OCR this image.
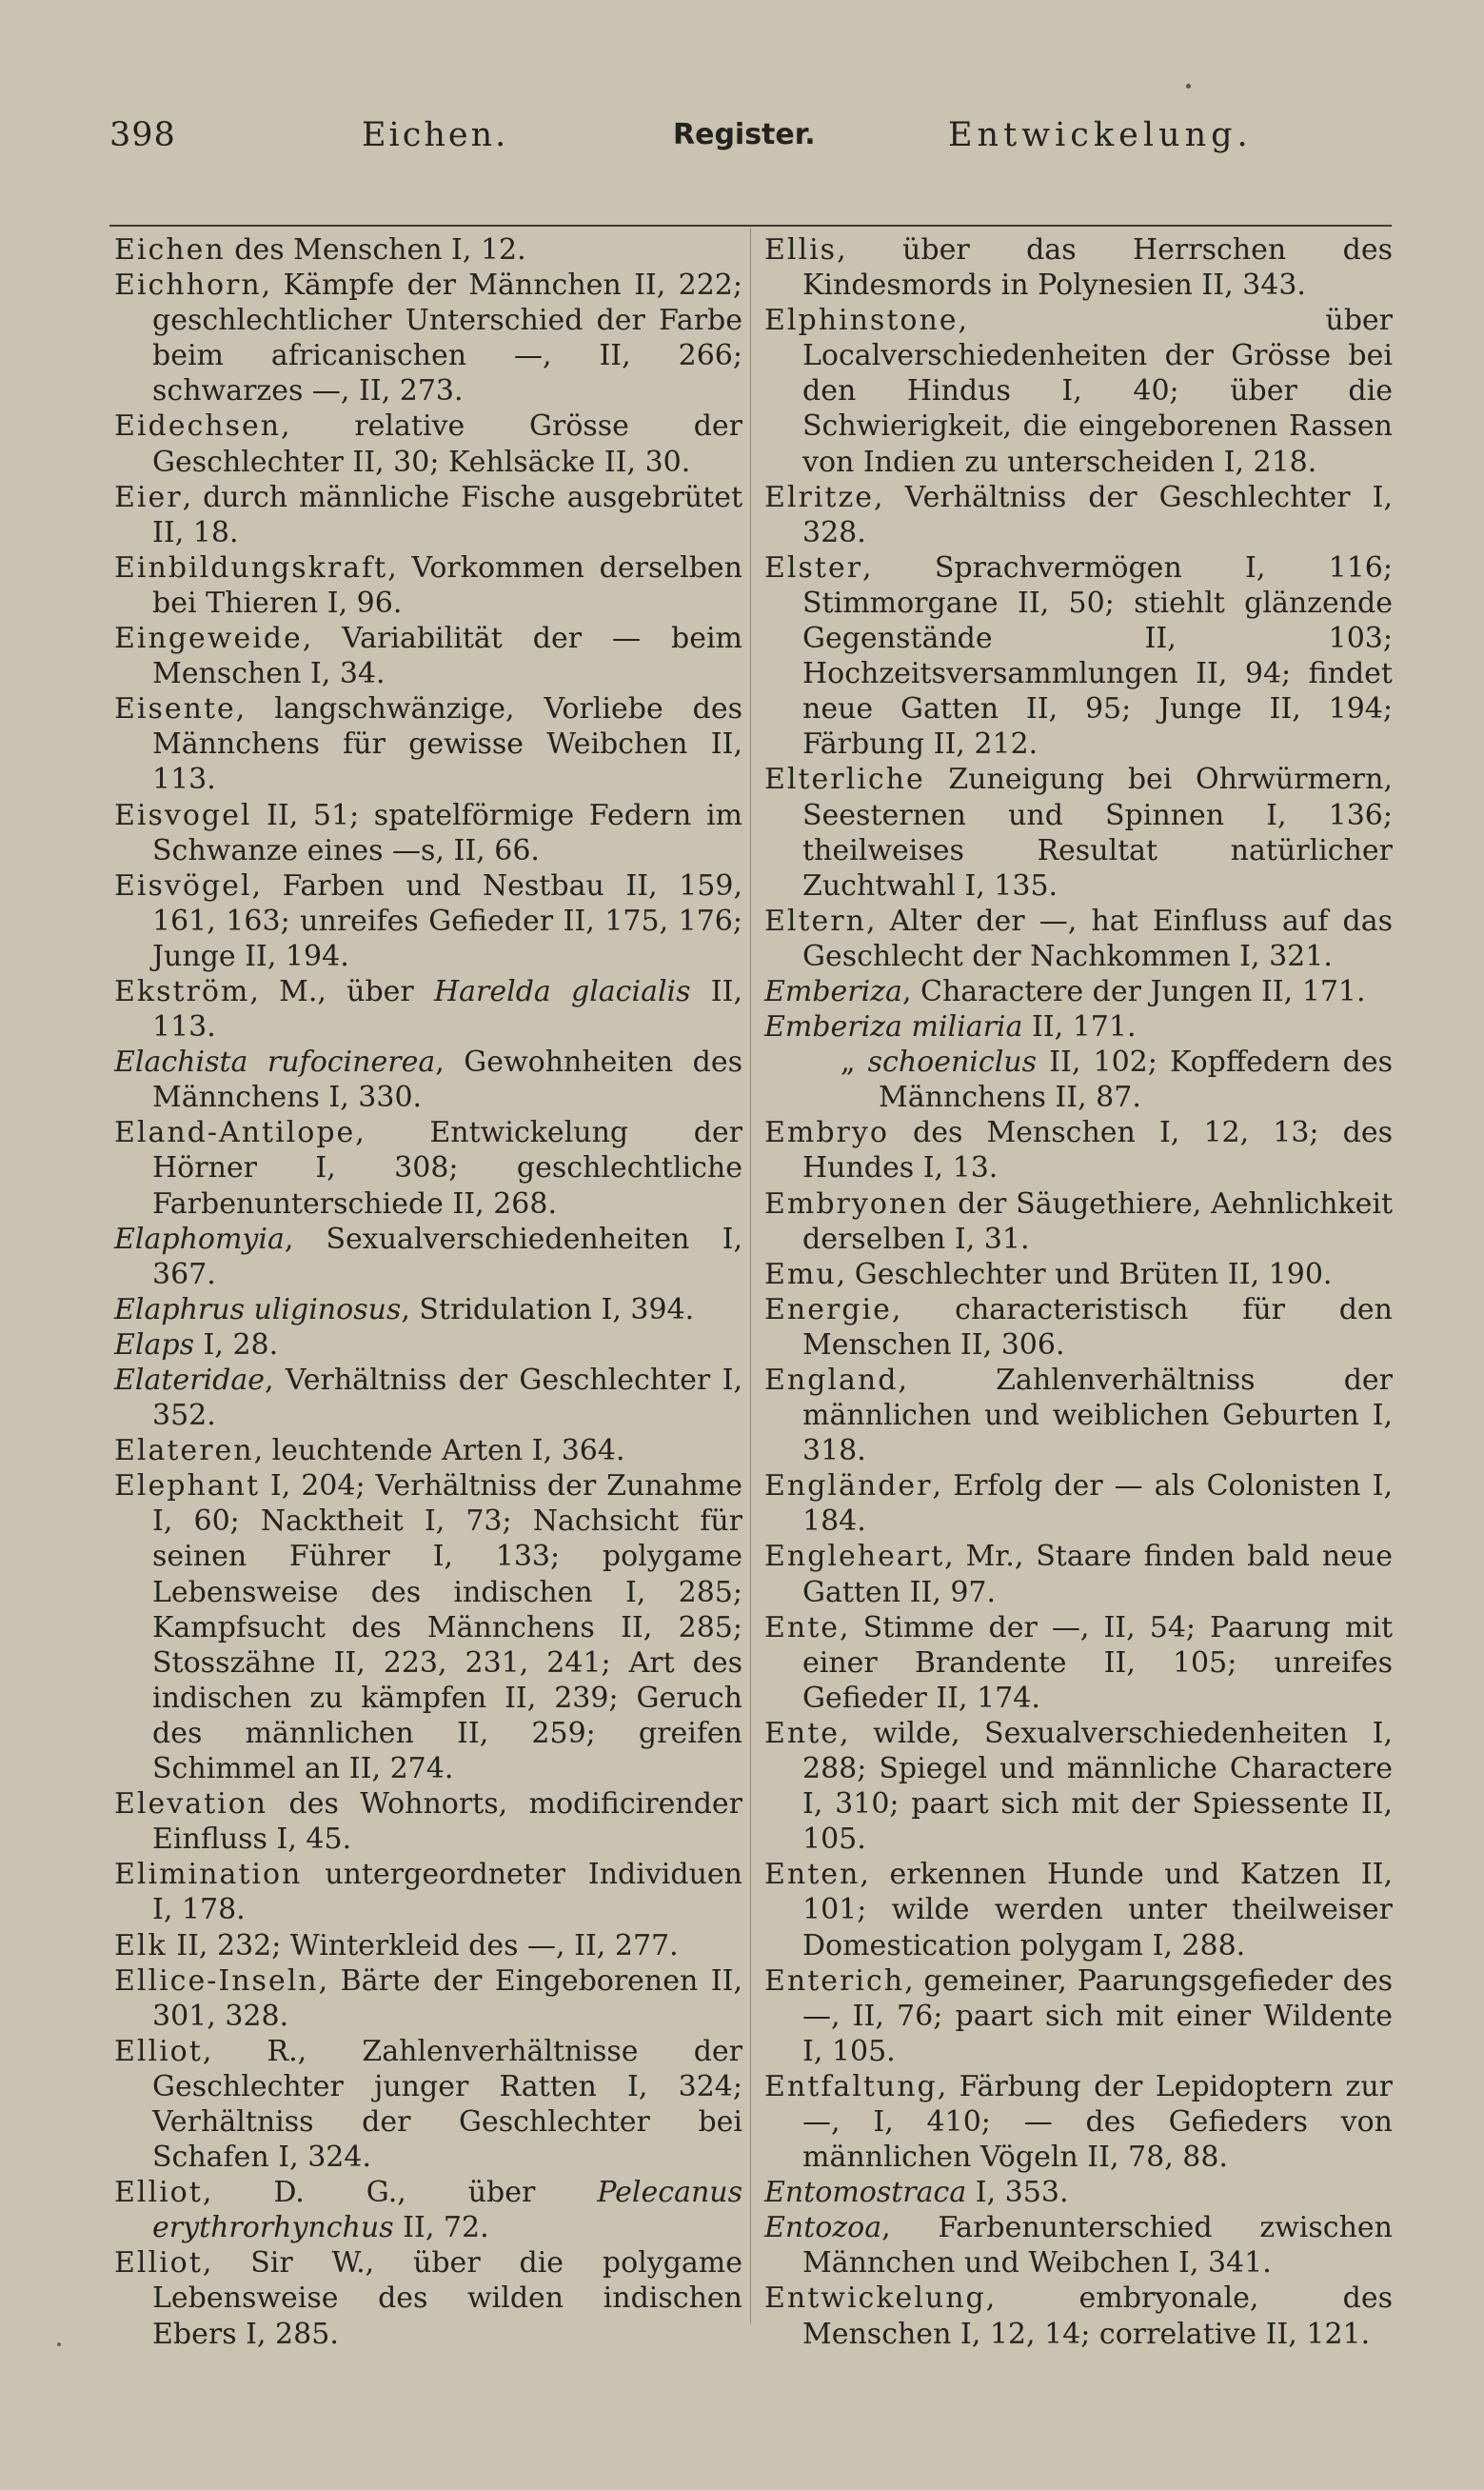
398	Eichen.	Register.	Entwickelung.

Eichen des Menschen I, 12.

Eichhorn, Kämpfe der Männchen II, 222; geschlechtlicher Unterschied der Farbe beim africanischen —, II, 266; schwarzes —, II, 273.

Eidechsen, relative Grösse der Geschlechter II, 30; Kehlsäcke II, 30.

Eier, durch männliche Fische ausgebrütet II, 18.

Einbildungskraft, Vorkommen derselben bei Thieren I, 96.

Eingeweide, Variabilität der — beim Menschen I, 34.

Eisente, langschwänzige, Vorliebe des Männchens für gewisse Weibchen II, 113.

Eisvogel II, 51; spatelförmige Federn im Schwanze eines —s, II, 66.

Eisvögel, Farben und Nestbau II, 159, 161, 163; unreifes Gefieder II, 175, 176; Junge II, 194.

Ekström, M., über Harelda glacialis II, 113.

Elachista rufocinerea, Gewohnheiten des Männchens I, 330.

Eland-Antilope, Entwickelung der Hörner I, 308; geschlechtliche Farbenunterschiede II, 268.

Elaphomyia, Sexualverschiedenheiten I, 367.

Elaphrus uliginosus, Stridulation I, 394.

Elaps I, 28.

Elateridae, Verhältniss der Geschlechter I, 352.

Elateren, leuchtende Arten I, 364.

Elephant I, 204; Verhältniss der Zunahme I, 60; Nacktheit I, 73; Nachsicht für seinen Führer I, 133; polygame Lebensweise des indischen I, 285; Kampfsucht des Männchens II, 285; Stosszähne II, 223, 231, 241; Art des indischen zu kämpfen II, 239; Geruch des männlichen II, 259; greifen Schimmel an II, 274.

Elevation des Wohnorts, modificirender Einfluss I, 45.

Elimination untergeordneter Individuen I, 178.

Elk II, 232; Winterkleid des —, II, 277.

Ellice-Inseln, Bärte der Eingeborenen II, 301, 328.

Elliot, R., Zahlenverhältnisse der Geschlechter junger Ratten I, 324; Verhältniss der Geschlechter bei Schafen I, 324.

Elliot, D. G., über Pelecanus erythrorhynchus II, 72.

Elliot, Sir W., über die polygame Lebensweise des wilden indischen Ebers I, 285.

Ellis, über das Herrschen des Kindesmords in Polynesien II, 343.

Elphinstone, über Localverschiedenheiten der Grösse bei den Hindus I, 40; über die Schwierigkeit, die eingeborenen Rassen von Indien zu unterscheiden I, 218.

Elritze, Verhältniss der Geschlechter I, 328.

Elster, Sprachvermögen I, 116; Stimmorgane II, 50; stiehlt glänzende Gegenstände II, 103; Hochzeitsversammlungen II, 94; findet neue Gatten II, 95; Junge II, 194; Färbung II, 212.

Elterliche Zuneigung bei Ohrwürmern, Seesternen und Spinnen I, 136; theilweises Resultat natürlicher Zuchtwahl I, 135.

Eltern, Alter der —, hat Einfluss auf das Geschlecht der Nachkommen I, 321.

Emberiza, Charactere der Jungen II, 171.

Emberiza miliaria II, 171.

„ schoeniclus II, 102; Kopffedern des Männchens II, 87.

Embryo des Menschen I, 12, 13; des Hundes I, 13.

Embryonen der Säugethiere, Aehnlichkeit derselben I, 31.

Emu, Geschlechter und Brüten II, 190.

Energie, characteristisch für den Menschen II, 306.

England, Zahlenverhältniss der männlichen und weiblichen Geburten I, 318.

Engländer, Erfolg der — als Colonisten I, 184.

Engleheart, Mr., Staare finden bald neue Gatten II, 97.

Ente, Stimme der —, II, 54; Paarung mit einer Brandente II, 105; unreifes Gefieder II, 174.

Ente, wilde, Sexualverschiedenheiten I, 288; Spiegel und männliche Charactere I, 310; paart sich mit der Spiessente II, 105.

Enten, erkennen Hunde und Katzen II, 101; wilde werden unter theilweiser Domestication polygam I, 288.

Enterich, gemeiner, Paarungsgefieder des —, II, 76; paart sich mit einer Wildente I, 105.

Entfaltung, Färbung der Lepidoptern zur —, I, 410; — des Gefieders von männlichen Vögeln II, 78, 88.

Entomostraca I, 353.

Entozoa, Farbenunterschied zwischen Männchen und Weibchen I, 341.

Entwickelung, embryonale, des Menschen I, 12, 14; correlative II, 121.
